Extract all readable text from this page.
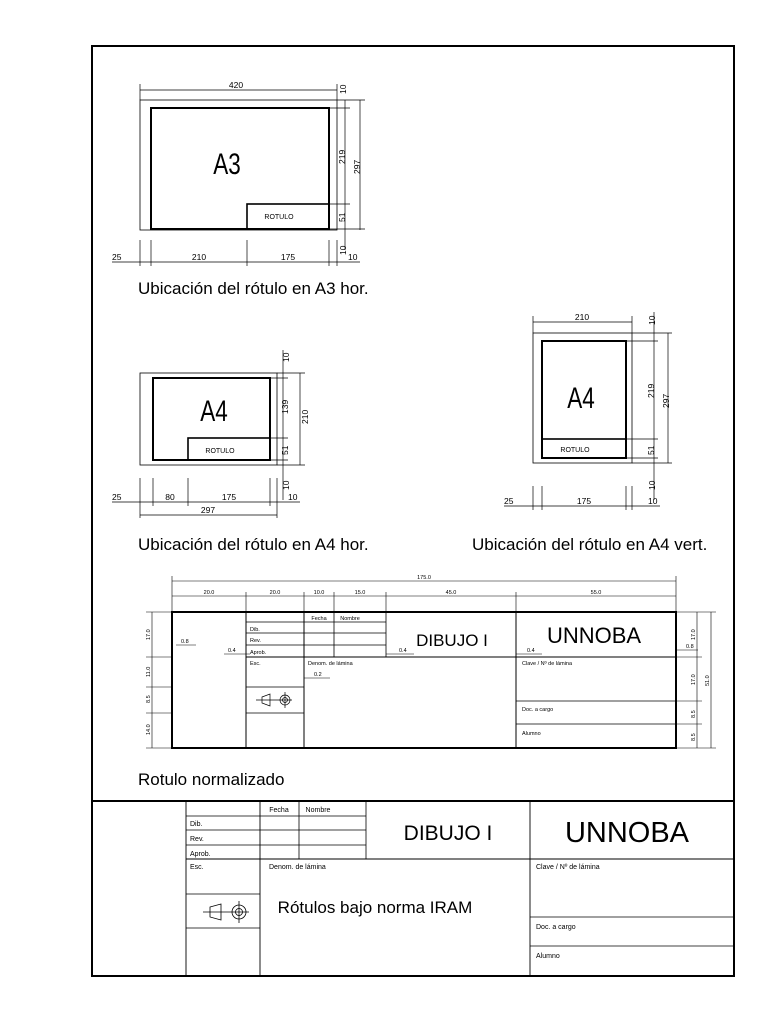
A3
ROTULO
420	10
219
297
51
10
25	210	175	10
Ubicación del rótulo en A3 hor.
A4
ROTULO
10
139
210
51
10
25	80	175	10
297
Ubicación del rótulo en A4 hor.
A4
ROTULO
210	10
219
297
51
10
25	175	10
Ubicación del rótulo en A4 vert.
175.0
20.0	20.0	10.0	15.0	45.0	55.0
Fecha Nombre
Dib.
Rev.
Aprob.
Esc.	Denom. de lámina
DIBUJO I	UNNOBA
Clave / Nº de lámina
Doc. a cargo
Alumno
0.8
0.4
0.2
0.4	0.4
0.8
17.0
11.0
8.5
14.0
17.0
17.0
8.5
8.5
51.0
Rotulo normalizado
Fecha Nombre
Dib.
Rev.
Aprob.
Esc.	Denom. de lámina
DIBUJO I	UNNOBA
Clave / Nº de lámina
Doc. a cargo
Alumno
Rótulos bajo norma IRAM
